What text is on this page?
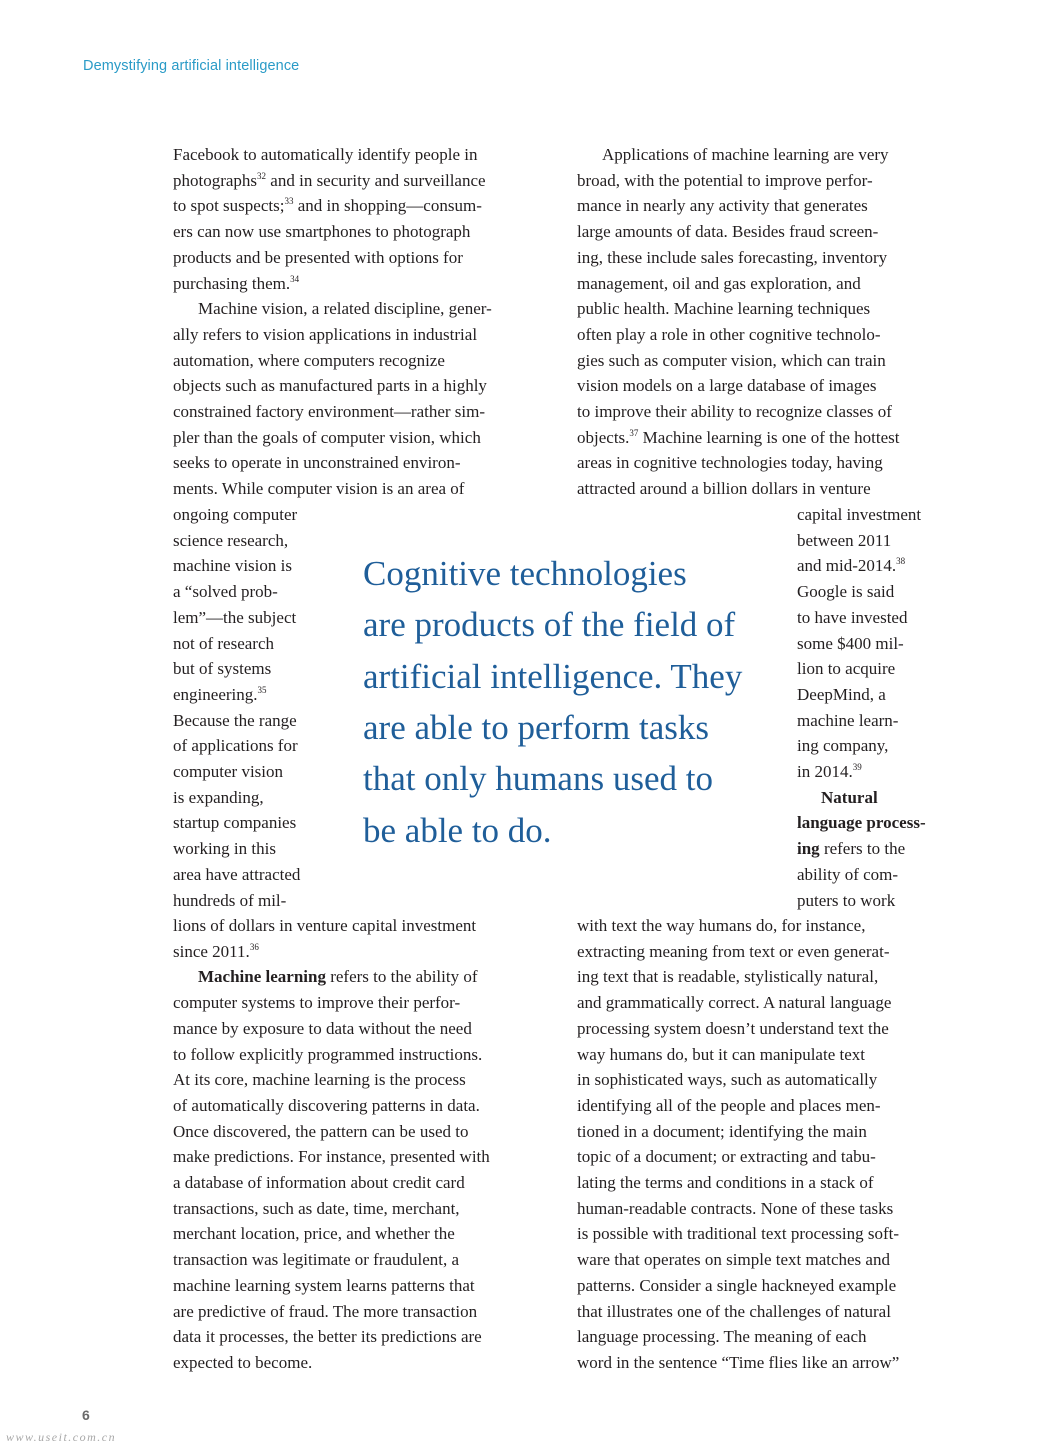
Demystifying artificial intelligence
Facebook to automatically identify people in
photographs$^{32}$ and in security and surveillance
to spot suspects;$^{33}$ and in shopping—consum-
ers can now use smartphones to photograph
products and be presented with options for
purchasing them.$^{34}$
Machine vision, a related discipline, gener-
ally refers to vision applications in industrial
automation, where computers recognize
objects such as manufactured parts in a highly
constrained factory environment—rather sim-
pler than the goals of computer vision, which
seeks to operate in unconstrained environ-
ments. While computer vision is an area of
ongoing computer
science research,
machine vision is
a “solved prob-
lem”—the subject
not of research
but of systems
engineering.$^{35}$
Because the range
of applications for
computer vision
is expanding,
startup companies
working in this
area have attracted
hundreds of mil-
lions of dollars in venture capital investment
since 2011.36
Machine learning refers to the ability of
computer systems to improve their perfor-
mance by exposure to data without the need
to follow explicitly programmed instructions.
At its core, machine learning is the process
of automatically discovering patterns in data.
Once discovered, the pattern can be used to
make predictions. For instance, presented with
a database of information about credit card
transactions, such as date, time, merchant,
merchant location, price, and whether the
transaction was legitimate or fraudulent, a
machine learning system learns patterns that
are predictive of fraud. The more transaction
data it processes, the better its predictions are
expected to become.
Applications of machine learning are very
broad, with the potential to improve perfor-
mance in nearly any activity that generates
large amounts of data. Besides fraud screen-
ing, these include sales forecasting, inventory
management, oil and gas exploration, and
public health. Machine learning techniques
often play a role in other cognitive technolo-
gies such as computer vision, which can train
vision models on a large database of images
to improve their ability to recognize classes of
objects.$^{37}$ Machine learning is one of the hottest
areas in cognitive technologies today, having
attracted around a billion dollars in venture
capital investment
between 2011
and mid-2014.38
Google is said
to have invested
some $400 mil-
lion to acquire
DeepMind, a
machine learn-
ing company,
in 2014.39
Natural
language process-
ing refers to the
ability of com-
puters to work
with text the way humans do, for instance,
extracting meaning from text or even generat-
ing text that is readable, stylistically natural,
and grammatically correct. A natural language
processing system doesn’t understand text the
way humans do, but it can manipulate text
in sophisticated ways, such as automatically
identifying all of the people and places men-
tioned in a document; identifying the main
topic of a document; or extracting and tabu-
lating the terms and conditions in a stack of
human-readable contracts. None of these tasks
is possible with traditional text processing soft-
ware that operates on simple text matches and
patterns. Consider a single hackneyed example
that illustrates one of the challenges of natural
language processing. The meaning of each
word in the sentence “Time flies like an arrow”
Cognitive technologies
are products of the field of
artificial intelligence. They
are able to perform tasks
that only humans used to
be able to do.
6
www.useit.com.cn
